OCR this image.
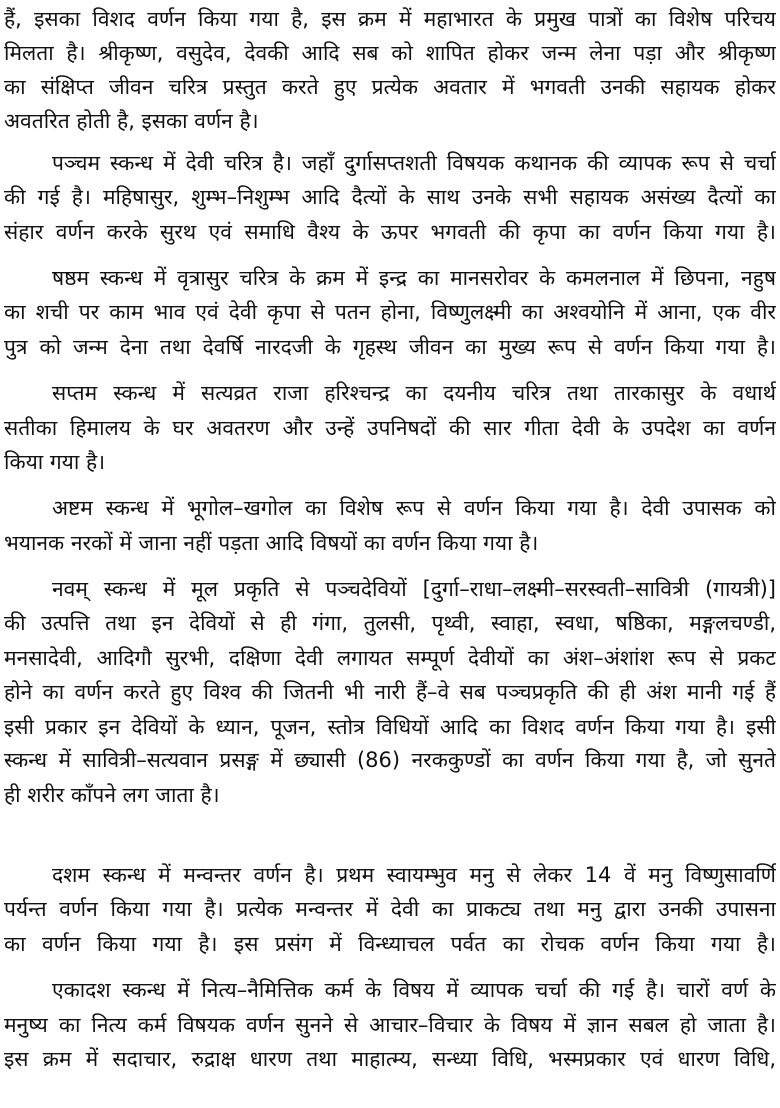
हैं, इसका विशद वर्णन किया गया है, इस क्रम में महाभारत के प्रमुख पात्रों का विशेष परिचय
मिलता है। श्रीकृष्ण, वसुदेव, देवकी आदि सब को शापित होकर जन्म लेना पड़ा और श्रीकृष्ण
का संक्षिप्त जीवन चरित्र प्रस्तुत करते हुए प्रत्येक अवतार में भगवती उनकी सहायक होकर
अवतरित होती है, इसका वर्णन है।
पञ्चम स्कन्ध में देवी चरित्र है। जहाँ दुर्गासप्तशती विषयक कथानक की व्यापक रूप से चर्चा
की गई है। महिषासुर, शुम्भ–निशुम्भ आदि दैत्यों के साथ उनके सभी सहायक असंख्य दैत्यों का
संहार वर्णन करके सुरथ एवं समाधि वैश्य के ऊपर भगवती की कृपा का वर्णन किया गया है।
षष्ठम स्कन्ध में वृत्रासुर चरित्र के क्रम में इन्द्र का मानसरोवर के कमलनाल में छिपना, नहुष
का शची पर काम भाव एवं देवी कृपा से पतन होना, विष्णुलक्ष्मी का अश्वयोनि में आना, एक वीर
पुत्र को जन्म देना तथा देवर्षि नारदजी के गृहस्थ जीवन का मुख्य रूप से वर्णन किया गया है।
सप्तम स्कन्ध में सत्यव्रत राजा हरिश्चन्द्र का दयनीय चरित्र तथा तारकासुर के वधार्थ
सतीका हिमालय के घर अवतरण और उन्हें उपनिषदों की सार गीता देवी के उपदेश का वर्णन
किया गया है।
अष्टम स्कन्ध में भूगोल–खगोल का विशेष रूप से वर्णन किया गया है। देवी उपासक को
भयानक नरकों में जाना नहीं पड़ता आदि विषयों का वर्णन किया गया है।
नवम् स्कन्ध में मूल प्रकृति से पञ्चदेवियों [दुर्गा–राधा–लक्ष्मी–सरस्वती–सावित्री (गायत्री)]
की उत्पत्ति तथा इन देवियों से ही गंगा, तुलसी, पृथ्वी, स्वाहा, स्वधा, षष्ठिका, मङ्गलचण्डी,
मनसादेवी, आदिगौ सुरभी, दक्षिणा देवी लगायत सम्पूर्ण देवीयों का अंश–अंशांश रूप से प्रकट
होने का वर्णन करते हुए विश्व की जितनी भी नारी हैं–वे सब पञ्चप्रकृति की ही अंश मानी गई हैं
इसी प्रकार इन देवियों के ध्यान, पूजन, स्तोत्र विधियों आदि का विशद वर्णन किया गया है। इसी
स्कन्ध में सावित्री–सत्यवान प्रसङ्ग में छ्यासी (86) नरककुण्डों का वर्णन किया गया है, जो सुनते
ही शरीर काँपने लग जाता है।
दशम स्कन्ध में मन्वन्तर वर्णन है। प्रथम स्वायम्भुव मनु से लेकर 14 वें मनु विष्णुसावर्णि
पर्यन्त वर्णन किया गया है। प्रत्येक मन्वन्तर में देवी का प्राकट्य तथा मनु द्वारा उनकी उपासना
का वर्णन किया गया है। इस प्रसंग में विन्ध्याचल पर्वत का रोचक वर्णन किया गया है।
एकादश स्कन्ध में नित्य–नैमित्तिक कर्म के विषय में व्यापक चर्चा की गई है। चारों वर्ण के
मनुष्य का नित्य कर्म विषयक वर्णन सुनने से आचार–विचार के विषय में ज्ञान सबल हो जाता है।
इस क्रम में सदाचार, रुद्राक्ष धारण तथा माहात्म्य, सन्ध्या विधि, भस्मप्रकार एवं धारण विधि,
